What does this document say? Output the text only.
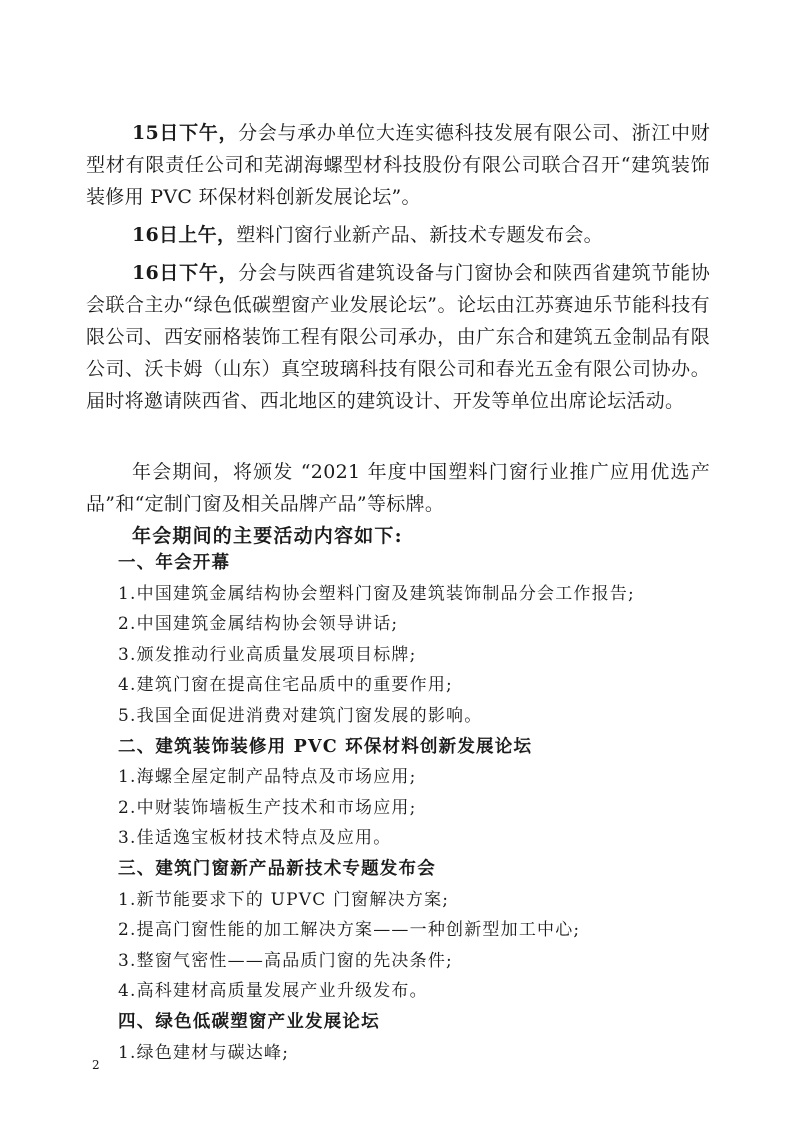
15日下午，分会与承办单位大连实德科技发展有限公司、浙江中财型材有限责任公司和芜湖海螺型材科技股份有限公司联合召开“建筑装饰装修用 PVC 环保材料创新发展论坛”。

16日上午，塑料门窗行业新产品、新技术专题发布会。

16日下午，分会与陕西省建筑设备与门窗协会和陕西省建筑节能协会联合主办“绿色低碳塑窗产业发展论坛”。论坛由江苏赛迪乐节能科技有限公司、西安丽格装饰工程有限公司承办，由广东合和建筑五金制品有限公司、沃卡姆（山东）真空玻璃科技有限公司和春光五金有限公司协办。届时将邀请陕西省、西北地区的建筑设计、开发等单位出席论坛活动。

年会期间，将颁发 “2021 年度中国塑料门窗行业推广应用优选产品”和“定制门窗及相关品牌产品”等标牌。

年会期间的主要活动内容如下:

一、年会开幕
1.中国建筑金属结构协会塑料门窗及建筑装饰制品分会工作报告;
2.中国建筑金属结构协会领导讲话;
3.颁发推动行业高质量发展项目标牌;
4.建筑门窗在提高住宅品质中的重要作用;
5.我国全面促进消费对建筑门窗发展的影响。
二、建筑装饰装修用 PVC 环保材料创新发展论坛
1.海螺全屋定制产品特点及市场应用;
2.中财装饰墙板生产技术和市场应用;
3.佳适逸宝板材技术特点及应用。
三、建筑门窗新产品新技术专题发布会
1.新节能要求下的 UPVC 门窗解决方案;
2.提高门窗性能的加工解决方案——一种创新型加工中心;
3.整窗气密性——高品质门窗的先决条件;
4.高科建材高质量发展产业升级发布。
四、绿色低碳塑窗产业发展论坛
1.绿色建材与碳达峰;
2
